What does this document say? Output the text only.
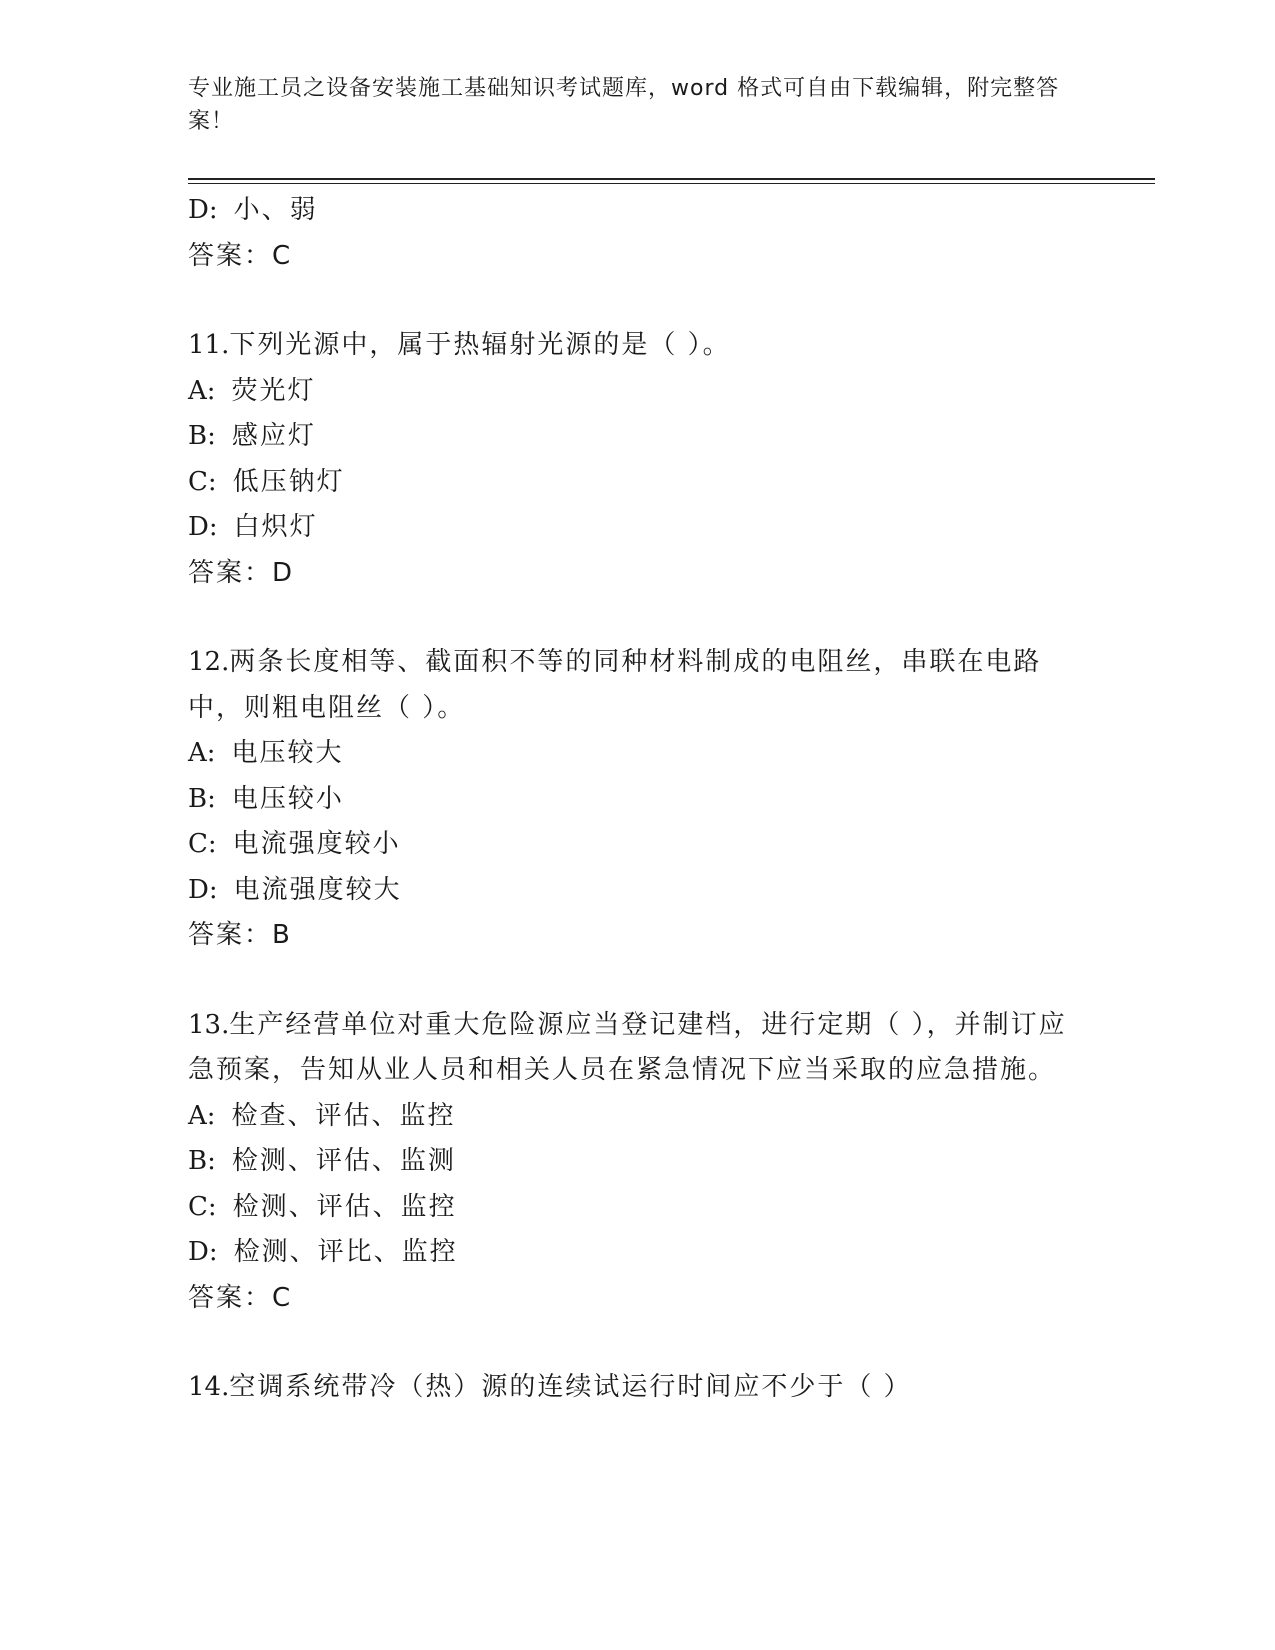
专业施工员之设备安装施工基础知识考试题库，word 格式可自由下载编辑，附完整答案！
D : 小、弱
答案 ： C
11.下列光源中，属于热辐射光源的是（ ）。
A : 荧光灯
B : 感应灯
C : 低压钠灯
D : 白炽灯
答案 ： D
12.两条长度相等、截面积不等的同种材料制成的电阻丝，串联在电路中，则粗电阻丝（ ）。
A : 电压较大
B : 电压较小
C : 电流强度较小
D : 电流强度较大
答案 ： B
13.生产经营单位对重大危险源应当登记建档，进行定期（ ），并制订应急预案，告知从业人员和相关人员在紧急情况下应当采取的应急措施。
A : 检查、评估、监控
B : 检测、评估、监测
C : 检测、评估、监控
D : 检测、评比、监控
答案 ： C
14.空调系统带冷（热）源的连续试运行时间应不少于（ ）
